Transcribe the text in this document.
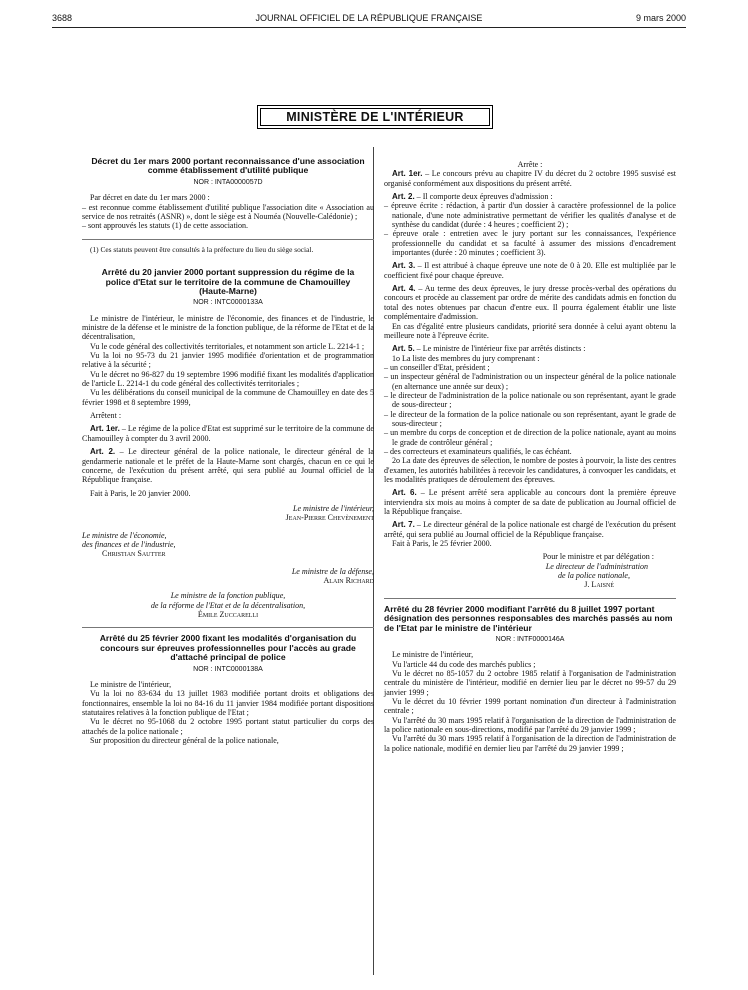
3688	JOURNAL OFFICIEL DE LA RÉPUBLIQUE FRANÇAISE	9 mars 2000
MINISTÈRE DE L'INTÉRIEUR
Décret du 1er mars 2000 portant reconnaissance d'une association comme établissement d'utilité publique
NOR : INTA0000057D

Par décret en date du 1er mars 2000 :

– est reconnue comme établissement d'utilité publique l'association dite « Association au service de nos retraités (ASNR) », dont le siège est à Nouméa (Nouvelle-Calédonie) ;

– sont approuvés les statuts (1) de cette association.

(1) Ces statuts peuvent être consultés à la préfecture du lieu du siège social.

Arrêté du 20 janvier 2000 portant suppression du régime de la police d'Etat sur le territoire de la commune de Chamouilley (Haute-Marne)
NOR : INTC0000133A

Le ministre de l'intérieur, le ministre de l'économie, des finances et de l'industrie, le ministre de la défense et le ministre de la fonction publique, de la réforme de l'Etat et de la décentralisation,

Vu le code général des collectivités territoriales, et notamment son article L. 2214-1 ;

Vu la loi no 95-73 du 21 janvier 1995 modifiée d'orientation et de programmation relative à la sécurité ;

Vu le décret no 96-827 du 19 septembre 1996 modifié fixant les modalités d'application de l'article L. 2214-1 du code général des collectivités territoriales ;

Vu les délibérations du conseil municipal de la commune de Chamouilley en date des 5 février 1998 et 8 septembre 1999,

Arrêtent :

Art. 1er. – Le régime de la police d'Etat est supprimé sur le territoire de la commune de Chamouilley à compter du 3 avril 2000.

Art. 2. – Le directeur général de la police nationale, le directeur général de la gendarmerie nationale et le préfet de la Haute-Marne sont chargés, chacun en ce qui le concerne, de l'exécution du présent arrêté, qui sera publié au Journal officiel de la République française.

Fait à Paris, le 20 janvier 2000.

Le ministre de l'intérieur,

Jean-Pierre Chevènement

Le ministre de l'économie,

des finances et de l'industrie,

Christian Sautter

Le ministre de la défense,

Alain Richard

Le ministre de la fonction publique,

de la réforme de l'Etat et de la décentralisation,

Émile Zuccarelli

Arrêté du 25 février 2000 fixant les modalités d'organisation du concours sur épreuves professionnelles pour l'accès au grade d'attaché principal de police
NOR : INTC0000138A

Le ministre de l'intérieur,

Vu la loi no 83-634 du 13 juillet 1983 modifiée portant droits et obligations des fonctionnaires, ensemble la loi no 84-16 du 11 janvier 1984 modifiée portant dispositions statutaires relatives à la fonction publique de l'Etat ;

Vu le décret no 95-1068 du 2 octobre 1995 portant statut particulier du corps des attachés de la police nationale ;

Sur proposition du directeur général de la police nationale,

Arrête :

Art. 1er. – Le concours prévu au chapitre IV du décret du 2 octobre 1995 susvisé est organisé conformément aux dispositions du présent arrêté.

Art. 2. – Il comporte deux épreuves d'admission :

– épreuve écrite : rédaction, à partir d'un dossier à caractère professionnel de la police nationale, d'une note administrative permettant de vérifier les qualités d'analyse et de synthèse du candidat (durée : 4 heures ; coefficient 2) ;

– épreuve orale : entretien avec le jury portant sur les connaissances, l'expérience professionnelle du candidat et sa faculté à assumer des missions d'encadrement importantes (durée : 20 minutes ; coefficient 3).

Art. 3. – Il est attribué à chaque épreuve une note de 0 à 20. Elle est multipliée par le coefficient fixé pour chaque épreuve.

Art. 4. – Au terme des deux épreuves, le jury dresse procès-verbal des opérations du concours et procède au classement par ordre de mérite des candidats admis en fonction du total des notes obtenues par chacun d'entre eux. Il pourra également établir une liste complémentaire d'admission.

En cas d'égalité entre plusieurs candidats, priorité sera donnée à celui ayant obtenu la meilleure note à l'épreuve écrite.

Art. 5. – Le ministre de l'intérieur fixe par arrêtés distincts :

1o La liste des membres du jury comprenant :

– un conseiller d'Etat, président ;

– un inspecteur général de l'administration ou un inspecteur général de la police nationale (en alternance une année sur deux) ;

– le directeur de l'administration de la police nationale ou son représentant, ayant le grade de sous-directeur ;

– le directeur de la formation de la police nationale ou son représentant, ayant le grade de sous-directeur ;

– un membre du corps de conception et de direction de la police nationale, ayant au moins le grade de contrôleur général ;

– des correcteurs et examinateurs qualifiés, le cas échéant.

2o La date des épreuves de sélection, le nombre de postes à pourvoir, la liste des centres d'examen, les autorités habilitées à recevoir les candidatures, à convoquer les candidats, et les modalités pratiques de déroulement des épreuves.

Art. 6. – Le présent arrêté sera applicable au concours dont la première épreuve interviendra six mois au moins à compter de sa date de publication au Journal officiel de la République française.

Art. 7. – Le directeur général de la police nationale est chargé de l'exécution du présent arrêté, qui sera publié au Journal officiel de la République française.

Fait à Paris, le 25 février 2000.

Pour le ministre et par délégation :

Le directeur de l'administration

de la police nationale,

J. Laisné

Arrêté du 28 février 2000 modifiant l'arrêté du 8 juillet 1997 portant désignation des personnes responsables des marchés passés au nom de l'Etat par le ministre de l'intérieur
NOR : INTF0000146A

Le ministre de l'intérieur,

Vu l'article 44 du code des marchés publics ;

Vu le décret no 85-1057 du 2 octobre 1985 relatif à l'organisation de l'administration centrale du ministère de l'intérieur, modifié en dernier lieu par le décret no 99-57 du 29 janvier 1999 ;

Vu le décret du 10 février 1999 portant nomination d'un directeur à l'administration centrale ;

Vu l'arrêté du 30 mars 1995 relatif à l'organisation de la direction de l'administration de la police nationale en sous-directions, modifié par l'arrêté du 29 janvier 1999 ;

Vu l'arrêté du 30 mars 1995 relatif à l'organisation de la direction de l'administration de la police nationale, modifié en dernier lieu par l'arrêté du 29 janvier 1999 ;
